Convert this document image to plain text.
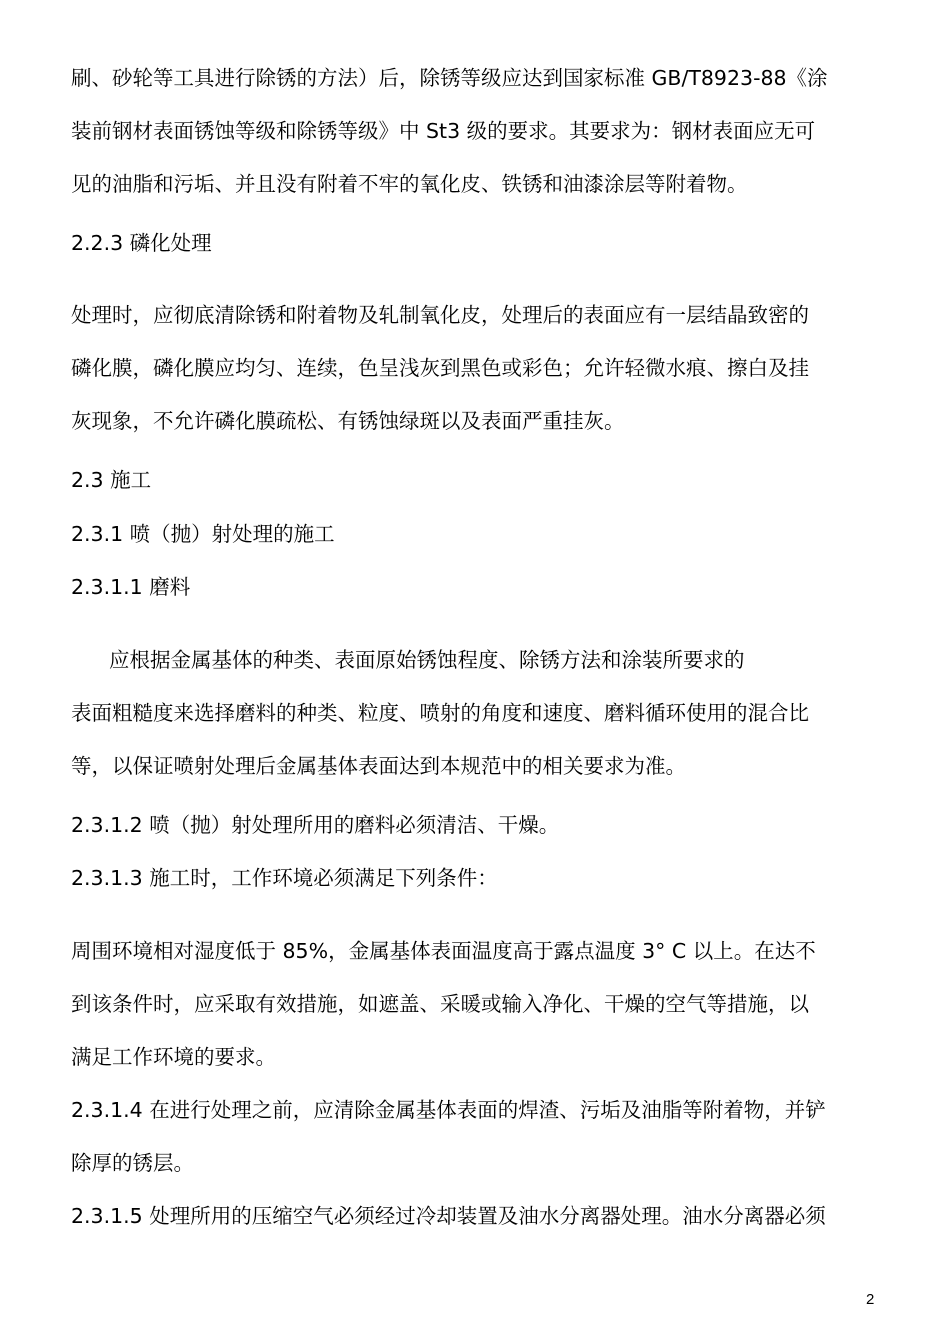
刷、砂轮等工具进行除锈的方法）后，除锈等级应达到国家标准 GB/T8923-88《涂
装前钢材表面锈蚀等级和除锈等级》中 St3 级的要求。其要求为：钢材表面应无可
见的油脂和污垢、并且没有附着不牢的氧化皮、铁锈和油漆涂层等附着物。
2.2.3 磷化处理
处理时，应彻底清除锈和附着物及轧制氧化皮，处理后的表面应有一层结晶致密的
磷化膜，磷化膜应均匀、连续，色呈浅灰到黑色或彩色；允许轻微水痕、擦白及挂
灰现象，不允许磷化膜疏松、有锈蚀绿斑以及表面严重挂灰。
2.3 施工
2.3.1 喷（抛）射处理的施工
2.3.1.1 磨料
应根据金属基体的种类、表面原始锈蚀程度、除锈方法和涂装所要求的
表面粗糙度来选择磨料的种类、粒度、喷射的角度和速度、磨料循环使用的混合比
等，以保证喷射处理后金属基体表面达到本规范中的相关要求为准。
2.3.1.2 喷（抛）射处理所用的磨料必须清洁、干燥。
2.3.1.3 施工时，工作环境必须满足下列条件：
周围环境相对湿度低于 85%，金属基体表面温度高于露点温度 3° C 以上。在达不
到该条件时，应采取有效措施，如遮盖、采暖或输入净化、干燥的空气等措施，以
满足工作环境的要求。
2.3.1.4 在进行处理之前，应清除金属基体表面的焊渣、污垢及油脂等附着物，并铲
除厚的锈层。
2.3.1.5 处理所用的压缩空气必须经过冷却装置及油水分离器处理。油水分离器必须
2
